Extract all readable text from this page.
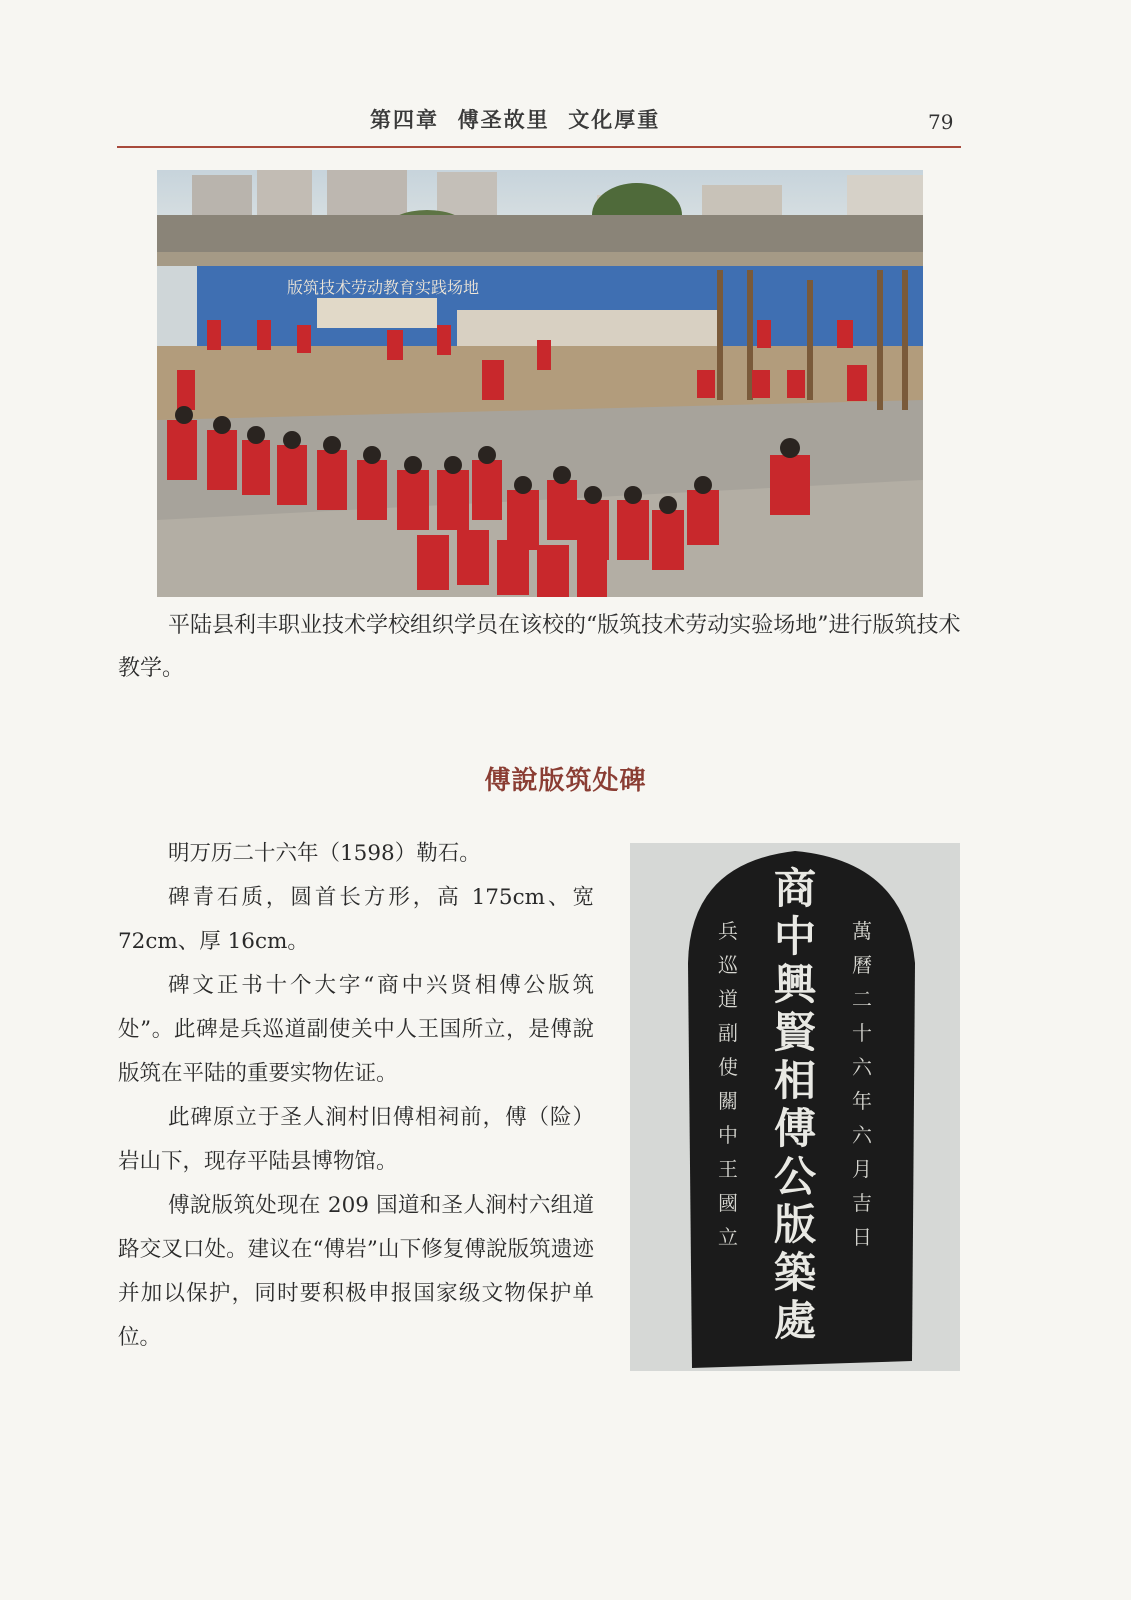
第四章  傅圣故里  文化厚重	79
版筑技术劳动教育实践场地
平陆县利丰职业技术学校组织学员在该校的“版筑技术劳动实验场地”进行版筑技术教学。
傅說版筑处碑

明万历二十六年（1598）勒石。

碑青石质，圆首长方形，高 175cm、宽 72cm、厚 16cm。

碑文正书十个大字“商中兴贤相傅公版筑处”。此碑是兵巡道副使关中人王国所立，是傅說版筑在平陆的重要实物佐证。

此碑原立于圣人涧村旧傅相祠前，傅（险）岩山下，现存平陆县博物馆。

傅說版筑处现在 209 国道和圣人涧村六组道路交叉口处。建议在“傅岩”山下修复傅說版筑遗迹并加以保护，同时要积极申报国家级文物保护单位。

商
中
興
賢
相
傅
公
版
築
處
萬
曆
二
十
六
年
六
月
吉
日
兵
巡
道
副
使
關
中
王
國
立
